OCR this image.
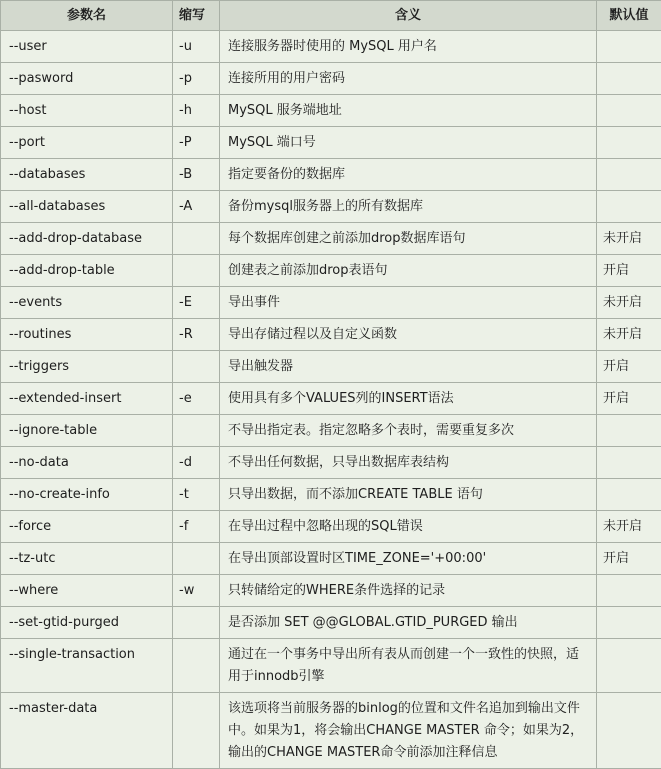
参数名	缩写	含义	默认值
--user	-u	连接服务器时使用的 MySQL 用户名	
--pasword	-p	连接所用的用户密码	
--host	-h	MySQL 服务端地址	
--port	-P	MySQL 端口号	
--databases	-B	指定要备份的数据库	
--all-databases	-A	备份mysql服务器上的所有数据库	
--add-drop-database		每个数据库创建之前添加drop数据库语句	未开启
--add-drop-table		创建表之前添加drop表语句	开启
--events	-E	导出事件	未开启
--routines	-R	导出存储过程以及自定义函数	未开启
--triggers		导出触发器	开启
--extended-insert	-e	使用具有多个VALUES列的INSERT语法	开启
--ignore-table		不导出指定表。指定忽略多个表时，需要重复多次	
--no-data	-d	不导出任何数据，只导出数据库表结构	
--no-create-info	-t	只导出数据，而不添加CREATE TABLE 语句	
--force	-f	在导出过程中忽略出现的SQL错误	未开启
--tz-utc		在导出顶部设置时区TIME_ZONE='+00:00'	开启
--where	-w	只转储给定的WHERE条件选择的记录	
--set-gtid-purged		是否添加 SET @@GLOBAL.GTID_PURGED 输出	
--single-transaction		通过在一个事务中导出所有表从而创建一个一致性的快照，适用于innodb引擎	
--master-data		该选项将当前服务器的binlog的位置和文件名追加到输出文件中。如果为1，将会输出CHANGE MASTER 命令；如果为2，输出的CHANGE MASTER命令前添加注释信息	
